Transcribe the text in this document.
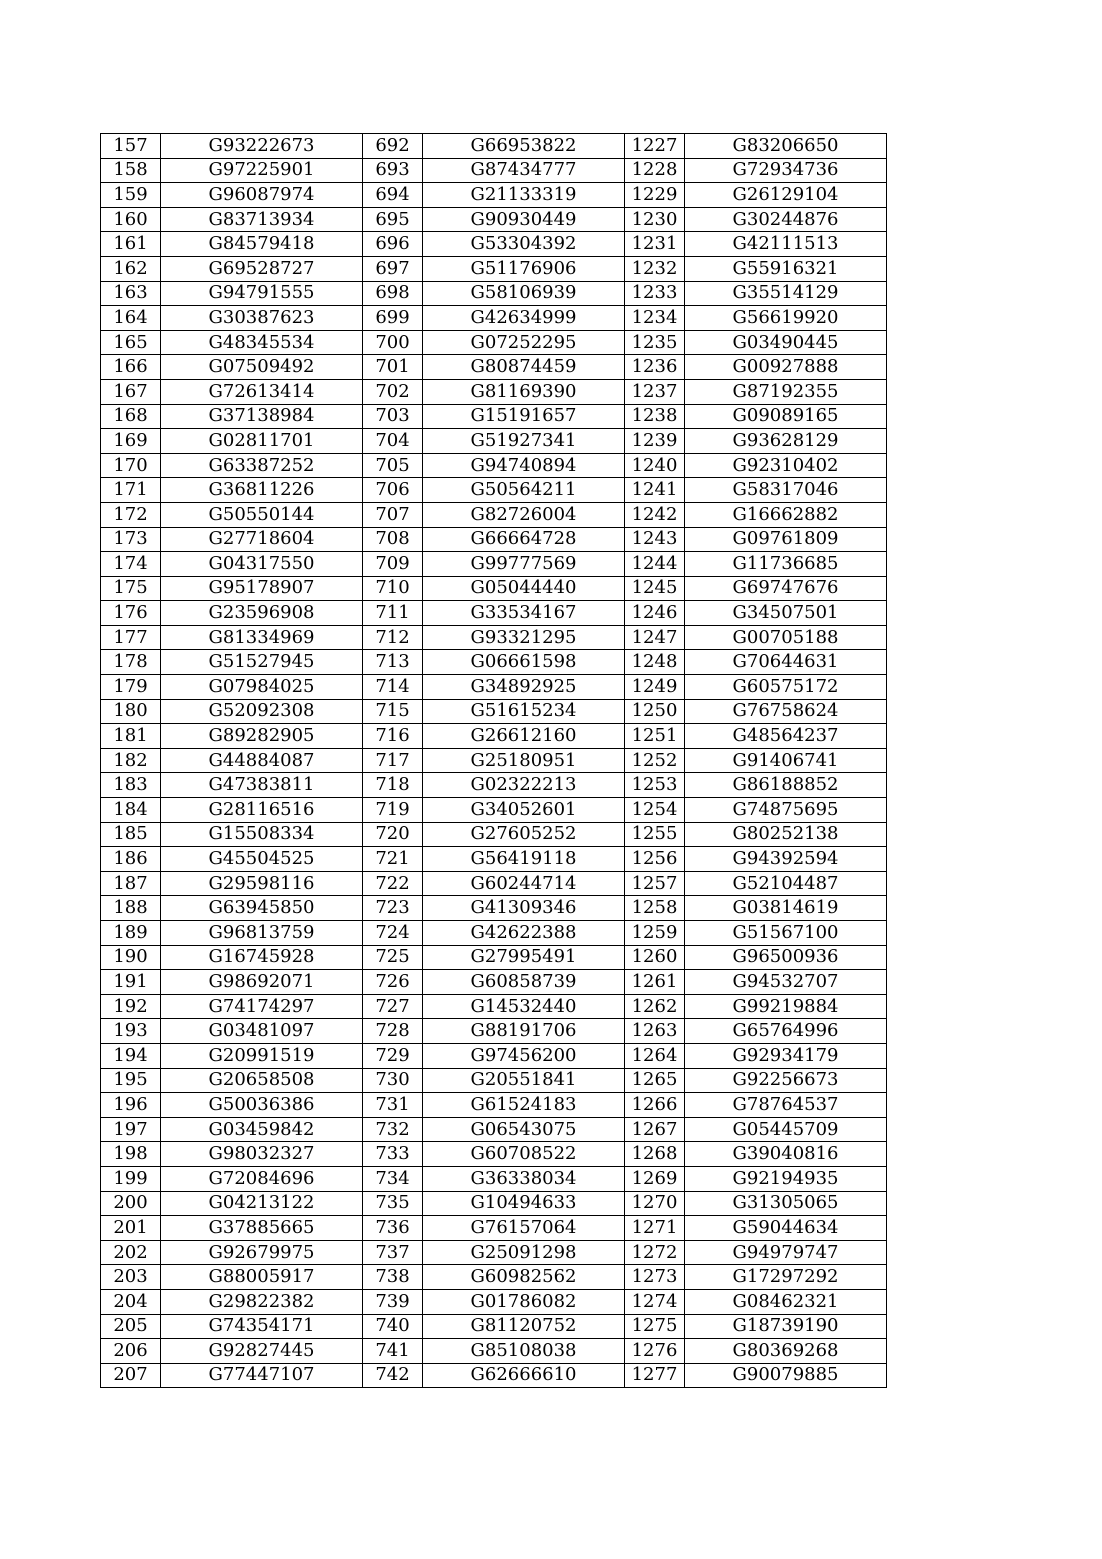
157	G93222673	692	G66953822	1227	G83206650
158	G97225901	693	G87434777	1228	G72934736
159	G96087974	694	G21133319	1229	G26129104
160	G83713934	695	G90930449	1230	G30244876
161	G84579418	696	G53304392	1231	G42111513
162	G69528727	697	G51176906	1232	G55916321
163	G94791555	698	G58106939	1233	G35514129
164	G30387623	699	G42634999	1234	G56619920
165	G48345534	700	G07252295	1235	G03490445
166	G07509492	701	G80874459	1236	G00927888
167	G72613414	702	G81169390	1237	G87192355
168	G37138984	703	G15191657	1238	G09089165
169	G02811701	704	G51927341	1239	G93628129
170	G63387252	705	G94740894	1240	G92310402
171	G36811226	706	G50564211	1241	G58317046
172	G50550144	707	G82726004	1242	G16662882
173	G27718604	708	G66664728	1243	G09761809
174	G04317550	709	G99777569	1244	G11736685
175	G95178907	710	G05044440	1245	G69747676
176	G23596908	711	G33534167	1246	G34507501
177	G81334969	712	G93321295	1247	G00705188
178	G51527945	713	G06661598	1248	G70644631
179	G07984025	714	G34892925	1249	G60575172
180	G52092308	715	G51615234	1250	G76758624
181	G89282905	716	G26612160	1251	G48564237
182	G44884087	717	G25180951	1252	G91406741
183	G47383811	718	G02322213	1253	G86188852
184	G28116516	719	G34052601	1254	G74875695
185	G15508334	720	G27605252	1255	G80252138
186	G45504525	721	G56419118	1256	G94392594
187	G29598116	722	G60244714	1257	G52104487
188	G63945850	723	G41309346	1258	G03814619
189	G96813759	724	G42622388	1259	G51567100
190	G16745928	725	G27995491	1260	G96500936
191	G98692071	726	G60858739	1261	G94532707
192	G74174297	727	G14532440	1262	G99219884
193	G03481097	728	G88191706	1263	G65764996
194	G20991519	729	G97456200	1264	G92934179
195	G20658508	730	G20551841	1265	G92256673
196	G50036386	731	G61524183	1266	G78764537
197	G03459842	732	G06543075	1267	G05445709
198	G98032327	733	G60708522	1268	G39040816
199	G72084696	734	G36338034	1269	G92194935
200	G04213122	735	G10494633	1270	G31305065
201	G37885665	736	G76157064	1271	G59044634
202	G92679975	737	G25091298	1272	G94979747
203	G88005917	738	G60982562	1273	G17297292
204	G29822382	739	G01786082	1274	G08462321
205	G74354171	740	G81120752	1275	G18739190
206	G92827445	741	G85108038	1276	G80369268
207	G77447107	742	G62666610	1277	G90079885
